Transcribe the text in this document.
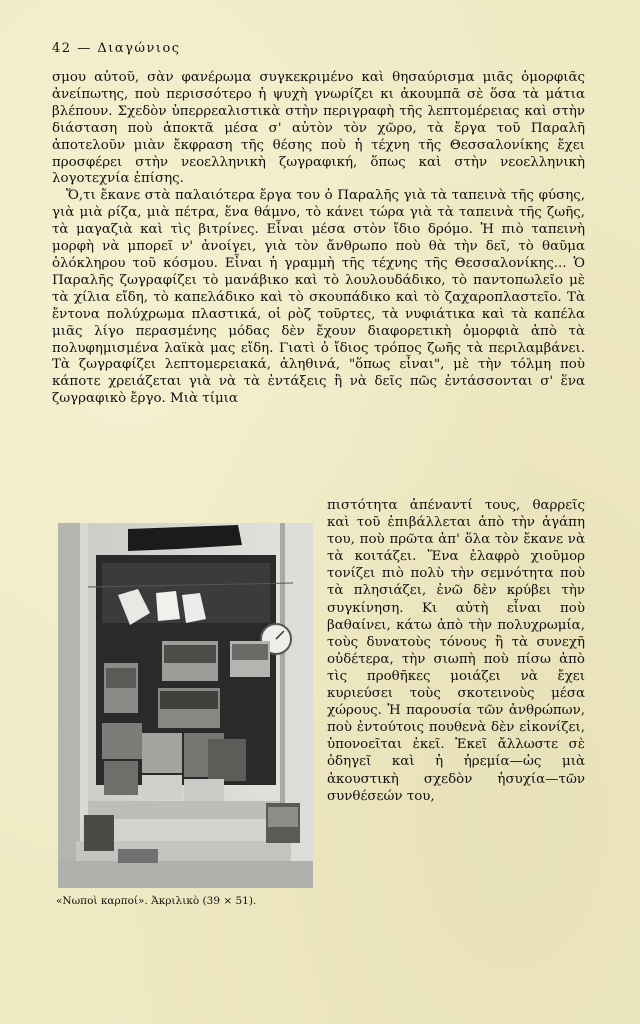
42 — Διαγώνιος

σμου αὐτοῦ, σὰν φανέρωμα συγκεκριμένο καὶ θησαύρισμα μιᾶς ὀμορφιᾶς ἀνείπωτης, ποὺ περισσότερο ἡ ψυχὴ γνωρίζει κι ἀκουμπᾶ σὲ ὅσα τὰ μάτια βλέπουν. Σχεδὸν ὑπερρεαλιστικὰ στὴν περιγραφὴ τῆς λεπτομέρειας καὶ στὴν διάσταση ποὺ ἀποκτᾶ μέσα σ' αὐτὸν τὸν χῶρο, τὰ ἔργα τοῦ Παραλῆ ἀποτελοῦν μιὰν ἔκφραση τῆς θέσης ποὺ ἡ τέχνη τῆς Θεσσαλονίκης ἔχει προσφέρει στὴν νεοελληνικὴ ζωγραφική, ὅπως καὶ στὴν νεοελληνικὴ λογοτεχνία ἐπίσης.

Ὅ,τι ἔκανε στὰ παλαιότερα ἔργα του ὁ Παραλῆς γιὰ τὰ ταπεινὰ τῆς φύσης, γιὰ μιὰ ρίζα, μιὰ πέτρα, ἕνα θάμνο, τὸ κάνει τώρα γιὰ τὰ ταπεινὰ τῆς ζωῆς, τὰ μαγαζιὰ καὶ τὶς βιτρίνες. Εἶναι μέσα στὸν ἴδιο δρόμο. Ἡ πιὸ ταπεινὴ μορφὴ νὰ μπορεῖ ν' ἀνοίγει, γιὰ τὸν ἄνθρωπο ποὺ θὰ τὴν δεῖ, τὸ θαῦμα ὁλόκληρου τοῦ κόσμου. Εἶναι ἡ γραμμὴ τῆς τέχνης τῆς Θεσσαλονίκης... Ὁ Παραλῆς ζωγραφίζει τὸ μανάβικο καὶ τὸ λουλουδάδικο, τὸ παντοπωλεῖο μὲ τὰ χίλια εἴδη, τὸ καπελάδικο καὶ τὸ σκουπάδικο καὶ τὸ ζαχαροπλαστεῖο. Τὰ ἔντονα πολύχρωμα πλαστικά, οἱ ρὸζ τοῦρτες, τὰ νυφιάτικα καὶ τὰ καπέλα μιᾶς λίγο περασμένης μόδας δὲν ἔχουν διαφορετικὴ ὀμορφιὰ ἀπὸ τὰ πολυφημισμένα λαϊκὰ μας εἴδη. Γιατὶ ὁ ἴδιος τρόπος ζωῆς τὰ περιλαμβάνει. Τὰ ζωγραφίζει λεπτομερειακά, ἀληθινά, "ὅπως εἶναι", μὲ τὴν τόλμη ποὺ κάποτε χρειάζεται γιὰ νὰ τὰ ἐντάξεις ἢ νὰ δεῖς πῶς ἐντάσσονται σ' ἕνα ζωγραφικὸ ἔργο. Μιὰ τίμια

«Νωποὶ καρποί». Ἀκριλικὸ (39 × 51).

πιστότητα ἀπέναντί τους, θαρρεῖς καὶ τοῦ ἐπιβάλλεται ἀπὸ τὴν ἀγάπη του, ποὺ πρῶτα ἀπ' ὅλα τὸν ἔκανε νὰ τὰ κοιτάζει. Ἕνα ἐλαφρὸ χιοῦμορ τονίζει πιὸ πολὺ τὴν σεμνότητα ποὺ τὰ πλησιάζει, ἐνῶ δὲν κρύβει τὴν συγκίνηση. Κι αὐτὴ εἶναι ποὺ βαθαίνει, κάτω ἀπὸ τὴν πολυχρωμία, τοὺς δυνατοὺς τόνους ἢ τὰ συνεχῆ οὐδέτερα, τὴν σιωπὴ ποὺ πίσω ἀπὸ τὶς προθῆκες μοιάζει νὰ ἔχει κυριεύσει τοὺς σκοτεινοὺς μέσα χώρους. Ἡ παρουσία τῶν ἀνθρώπων, ποὺ ἐντούτοις πουθενὰ δὲν εἰκονίζει, ὑπονοεῖται ἐκεῖ. Ἐκεῖ ἄλλωστε σὲ ὁδηγεῖ καὶ ἡ ἠρεμία—ὡς μιὰ ἀκουστικὴ σχεδὸν ἡσυχία—τῶν συνθέσεών του,
